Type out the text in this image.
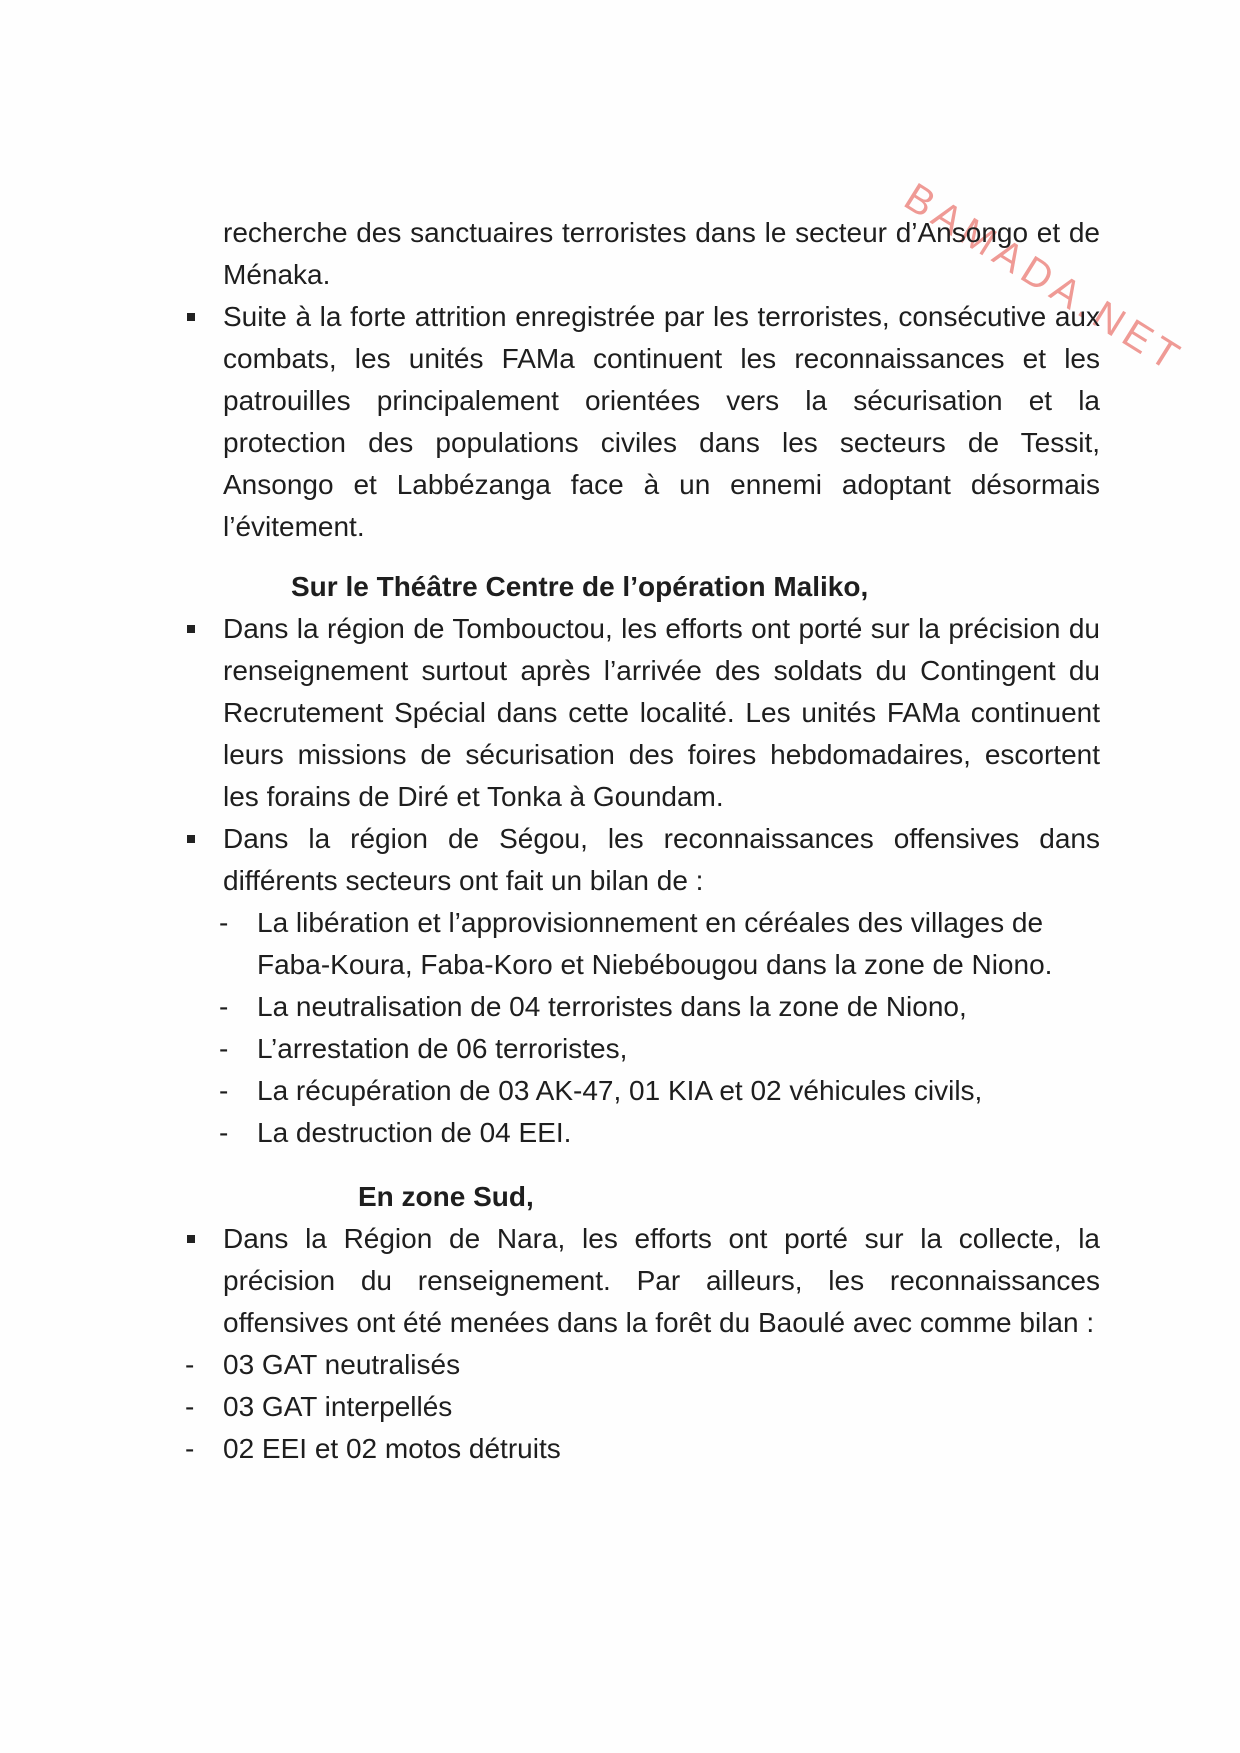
BAMADA.NET

recherche des sanctuaires terroristes dans le secteur d’Ansongo et de Ménaka.

Suite à la forte attrition enregistrée par les terroristes, consécutive aux combats, les unités FAMa continuent les reconnaissances et les patrouilles principalement orientées vers la sécurisation et la protection des populations civiles dans les secteurs de Tessit, Ansongo et Labbézanga face à un ennemi adoptant désormais l’évitement.

Sur le Théâtre Centre de l’opération Maliko,

Dans la région de Tombouctou, les efforts ont porté sur la précision du renseignement surtout après l’arrivée des soldats du Contingent du Recrutement Spécial dans cette localité. Les unités FAMa continuent leurs missions de sécurisation des foires hebdomadaires, escortent les forains de Diré et Tonka à Goundam.
Dans la région de Ségou, les reconnaissances offensives dans différents secteurs ont fait un bilan de :
- La libération et l’approvisionnement en céréales des villages de Faba-Koura, Faba-Koro et Niebébougou dans la zone de Niono.
- La neutralisation de 04 terroristes dans la zone de Niono,
- L’arrestation de 06 terroristes,
- La récupération de 03 AK-47, 01 KIA et 02 véhicules civils,
- La destruction de 04 EEI.

En zone Sud,

Dans la Région de Nara, les efforts ont porté sur la collecte, la précision du renseignement. Par ailleurs, les reconnaissances offensives ont été menées dans la forêt du Baoulé avec comme bilan :
- 03 GAT neutralisés
- 03 GAT interpellés
- 02 EEI et 02 motos détruits
